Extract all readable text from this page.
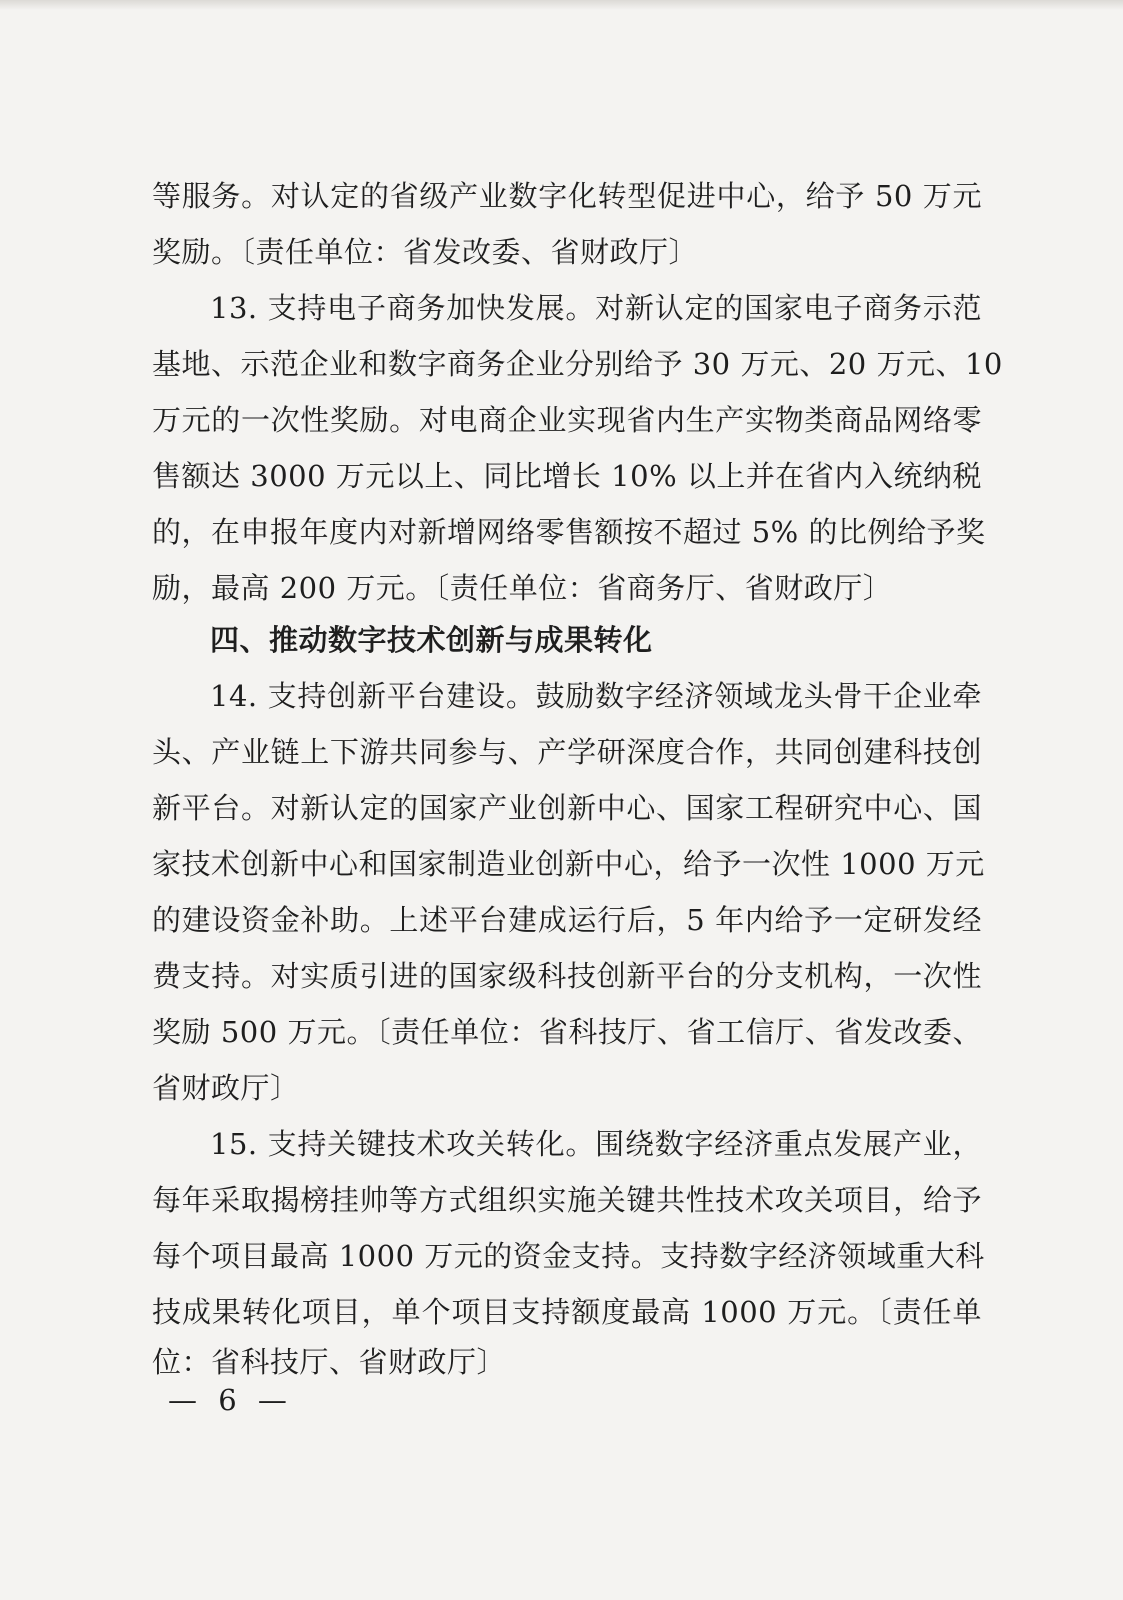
等服务。对认定的省级产业数字化转型促进中心，给予 50 万元
奖励。〔责任单位：省发改委、省财政厅〕
13. 支持电子商务加快发展。对新认定的国家电子商务示范
基地、示范企业和数字商务企业分别给予 30 万元、20 万元、10
万元的一次性奖励。对电商企业实现省内生产实物类商品网络零
售额达 3000 万元以上、同比增长 10% 以上并在省内入统纳税
的，在申报年度内对新增网络零售额按不超过 5% 的比例给予奖
励，最高 200 万元。〔责任单位：省商务厅、省财政厅〕
四、推动数字技术创新与成果转化
14. 支持创新平台建设。鼓励数字经济领域龙头骨干企业牵
头、产业链上下游共同参与、产学研深度合作，共同创建科技创
新平台。对新认定的国家产业创新中心、国家工程研究中心、国
家技术创新中心和国家制造业创新中心，给予一次性 1000 万元
的建设资金补助。上述平台建成运行后，5 年内给予一定研发经
费支持。对实质引进的国家级科技创新平台的分支机构，一次性
奖励 500 万元。〔责任单位：省科技厅、省工信厅、省发改委、
省财政厅〕
15. 支持关键技术攻关转化。围绕数字经济重点发展产业，
每年采取揭榜挂帅等方式组织实施关键共性技术攻关项目，给予
每个项目最高 1000 万元的资金支持。支持数字经济领域重大科
技成果转化项目，单个项目支持额度最高 1000 万元。〔责任单
位：省科技厅、省财政厅〕
— 6 —
